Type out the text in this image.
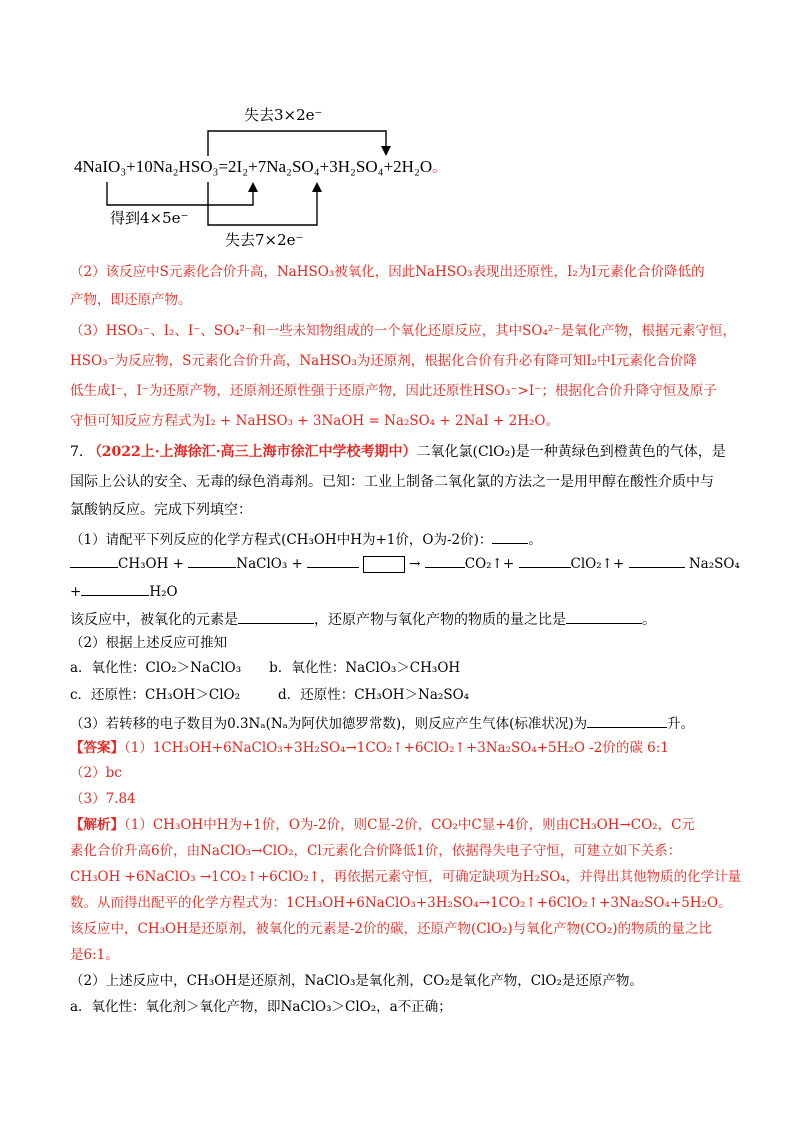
失去3×2e⁻
4NaIO₃+10Na₂HSO₃=2I₂+7Na₂SO₄+3H₂SO₄+2H₂O。
得到4×5e⁻
失去7×2e⁻
（2）该反应中S元素化合价升高，NaHSO₃被氧化，因此NaHSO₃表现出还原性，I₂为I元素化合价降低的
产物，即还原产物。
（3）HSO₃⁻、I₂、I⁻、SO₄²⁻和一些未知物组成的一个氧化还原反应，其中SO₄²⁻是氧化产物，根据元素守恒，
HSO₃⁻为反应物，S元素化合价升高，NaHSO₃为还原剂，根据化合价有升必有降可知I₂中I元素化合价降
低生成I⁻，I⁻为还原产物，还原剂还原性强于还原产物，因此还原性HSO₃⁻>I⁻；根据化合价升降守恒及原子
守恒可知反应方程式为I₂ + NaHSO₃ + 3NaOH = Na₂SO₄ + 2NaI + 2H₂O。
7. （2022上·上海徐汇·高三上海市徐汇中学校考期中）二氧化氯(ClO₂)是一种黄绿色到橙黄色的气体，是
国际上公认的安全、无毒的绿色消毒剂。已知：工业上制备二氧化氯的方法之一是用甲醇在酸性介质中与
氯酸钠反应。完成下列填空：
（1）请配平下列反应的化学方程式(CH₃OH中H为+1价，O为-2价)：	。
CH₃OH +	NaClO₃ +	→	CO₂↑+	ClO₂↑+	Na₂SO₄
+	H₂O
该反应中，被氧化的元素是	，还原产物与氧化产物的物质的量之比是	。
（2）根据上述反应可推知
a．氧化性：ClO₂＞NaClO₃ b．氧化性：NaClO₃＞CH₃OH
c．还原性：CH₃OH＞ClO₂	d．还原性：CH₃OH＞Na₂SO₄
（3）若转移的电子数目为0.3Nₐ(Nₐ为阿伏加德罗常数)，则反应产生气体(标准状况)为	升。
【答案】（1）1CH₃OH+6NaClO₃+3H₂SO₄→1CO₂↑+6ClO₂↑+3Na₂SO₄+5H₂O -2价的碳 6:1
（2）bc
（3）7.84
【解析】（1）CH₃OH中H为+1价，O为-2价，则C显-2价，CO₂中C显+4价，则由CH₃OH→CO₂，C元
素化合价升高6价，由NaClO₃→ClO₂，Cl元素化合价降低1价，依据得失电子守恒，可建立如下关系：
CH₃OH +6NaClO₃ →1CO₂↑+6ClO₂↑，再依据元素守恒，可确定缺项为H₂SO₄，并得出其他物质的化学计量
数。从而得出配平的化学方程式为：1CH₃OH+6NaClO₃+3H₂SO₄→1CO₂↑+6ClO₂↑+3Na₂SO₄+5H₂O。
该反应中，CH₃OH是还原剂，被氧化的元素是-2价的碳，还原产物(ClO₂)与氧化产物(CO₂)的物质的量之比
是6:1。
（2）上述反应中，CH₃OH是还原剂，NaClO₃是氧化剂，CO₂是氧化产物，ClO₂是还原产物。
a．氧化性：氧化剂＞氧化产物，即NaClO₃＞ClO₂，a不正确；
